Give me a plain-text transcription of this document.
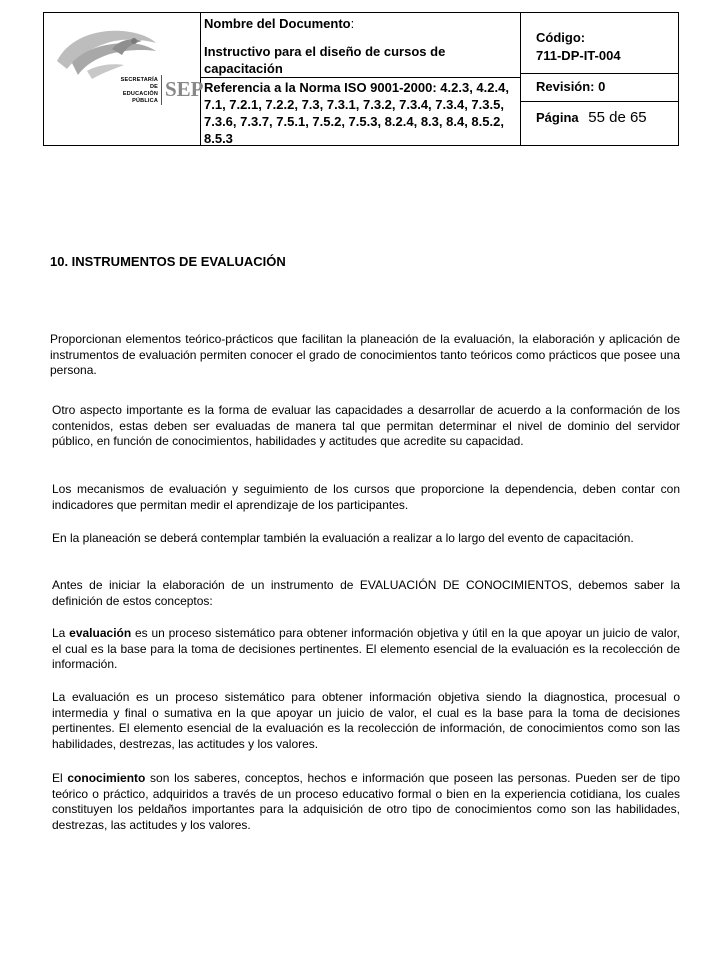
SECRETARÍA DE
EDUCACIÓN
PÚBLICA SEP
Nombre del Documento:
Instructivo para el diseño de cursos de capacitación
Referencia a la Norma ISO 9001-2000: 4.2.3, 4.2.4, 7.1, 7.2.1, 7.2.2, 7.3, 7.3.1, 7.3.2, 7.3.4, 7.3.4, 7.3.5, 7.3.6, 7.3.7, 7.5.1, 7.5.2, 7.5.3, 8.2.4, 8.3, 8.4, 8.5.2, 8.5.3
Código:
711-DP-IT-004
Revisión: 0
Página 55 de 65
10. INSTRUMENTOS DE EVALUACIÓN
Proporcionan elementos teórico-prácticos que facilitan la planeación de la evaluación, la elaboración y aplicación de instrumentos de evaluación permiten conocer el grado de conocimientos tanto teóricos como prácticos que posee una persona.
Otro aspecto importante es la forma de evaluar las capacidades a desarrollar de acuerdo a la conformación de los contenidos, estas deben ser evaluadas de manera tal que permitan determinar el nivel de dominio del servidor público, en función de conocimientos, habilidades y actitudes que acredite su capacidad.
Los mecanismos de evaluación y seguimiento de los cursos que proporcione la dependencia, deben contar con indicadores que permitan medir el aprendizaje de los participantes.
En la planeación se deberá contemplar también la evaluación a realizar a lo largo del evento de capacitación.
Antes de iniciar la elaboración de un instrumento de EVALUACIÓN DE CONOCIMIENTOS, debemos saber la definición de estos conceptos:
La evaluación es un proceso sistemático para obtener información objetiva y útil en la que apoyar un juicio de valor, el cual es la base para la toma de decisiones pertinentes. El elemento esencial de la evaluación es la recolección de información.
La evaluación es un proceso sistemático para obtener información objetiva siendo la diagnostica, procesual o intermedia y final o sumativa en la que apoyar un juicio de valor, el cual es la base para la toma de decisiones pertinentes. El elemento esencial de la evaluación es la recolección de información, de conocimientos como son las habilidades, destrezas, las actitudes y los valores.
El conocimiento son los saberes, conceptos, hechos e información que poseen las personas. Pueden ser de tipo teórico o práctico, adquiridos a través de un proceso educativo formal o bien en la experiencia cotidiana, los cuales constituyen los peldaños importantes para la adquisición de otro tipo de conocimientos como son las habilidades, destrezas, las actitudes y los valores.
